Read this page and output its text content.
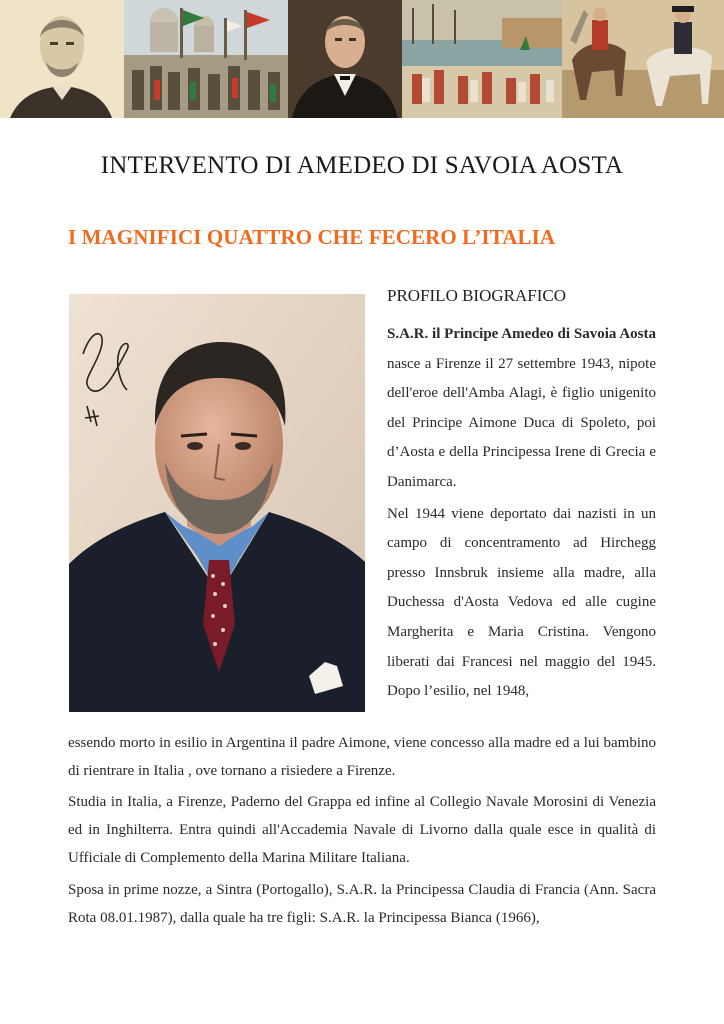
INTERVENTO DI AMEDEO DI SAVOIA AOSTA
I MAGNIFICI QUATTRO CHE FECERO L’ITALIA
PROFILO BIOGRAFICO

S.A.R. il Principe Amedeo di Savoia Aosta nasce a Firenze il 27 settembre 1943, nipote dell'eroe dell'Amba Alagi, è figlio unigenito del Principe Aimone Duca di Spoleto, poi d’Aosta e della Principessa Irene di Grecia e Danimarca.

Nel 1944 viene deportato dai nazisti in un campo di concentramento ad Hirchegg presso Innsbruk insieme alla madre, alla Duchessa d'Aosta Vedova ed alle cugine Margherita e Maria Cristina. Vengono liberati dai Francesi nel maggio del 1945. Dopo l’esilio, nel 1948,

essendo morto in esilio in Argentina il padre Aimone, viene concesso alla madre ed a lui bambino di rientrare in Italia , ove tornano a risiedere a Firenze.

Studia in Italia, a Firenze, Paderno del Grappa ed infine al Collegio Navale Morosini di Venezia ed in Inghilterra. Entra quindi all'Accademia Navale di Livorno dalla quale esce in qualità di Ufficiale di Complemento della Marina Militare Italiana.

Sposa in prime nozze, a Sintra (Portogallo), S.A.R. la Principessa Claudia di Francia (Ann. Sacra Rota 08.01.1987), dalla quale ha tre figli: S.A.R. la Principessa Bianca (1966),
